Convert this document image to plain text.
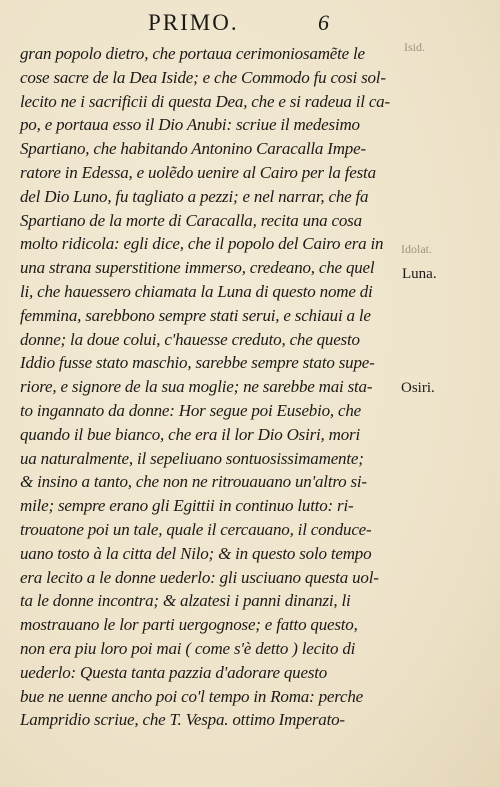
PRIMO.	6
gran popolo dietro, che portaua cerimoniosamẽte le
cose sacre de la Dea Iside; e che Commodo fu cosi sol-
lecito ne i sacrificii di questa Dea, che e si radeua il ca-
po, e portaua esso il Dio Anubi: scriue il medesimo
Spartiano, che habitando Antonino Caracalla Impe-
ratore in Edessa, e uolẽdo uenire al Cairo per la festa
del Dio Luno, fu tagliato a pezzi; e nel narrar, che fa
Spartiano de la morte di Caracalla, recita una cosa
molto ridicola: egli dice, che il popolo del Cairo era in
una strana superstitione immerso, credeano, che quel
li, che hauessero chiamata la Luna di questo nome di
femmina, sarebbono sempre stati serui, e schiaui a le
donne; la doue colui, c'hauesse creduto, che questo
Iddio fusse stato maschio, sarebbe sempre stato supe-
riore, e signore de la sua moglie; ne sarebbe mai sta-
to ingannato da donne: Hor segue poi Eusebio, che
quando il bue bianco, che era il lor Dio Osiri, mori
ua naturalmente, il sepeliuano sontuosissimamente;
& insino a tanto, che non ne ritrouauano un'altro si-
mile; sempre erano gli Egittii in continuo lutto: ri-
trouatone poi un tale, quale il cercauano, il conduce-
uano tosto à la citta del Nilo; & in questo solo tempo
era lecito a le donne uederlo: gli usciuano questa uol-
ta le donne incontra; & alzatesi i panni dinanzi, li
mostrauano le lor parti uergognose; e fatto questo,
non era piu loro poi mai ( come s'è detto ) lecito di
uederlo: Questa tanta pazzia d'adorare questo
bue ne uenne ancho poi co'l tempo in Roma: perche
Lampridio scriue, che T. Vespa. ottimo Imperato-
Isid.
Idolat.
Luna.
Osiri.
